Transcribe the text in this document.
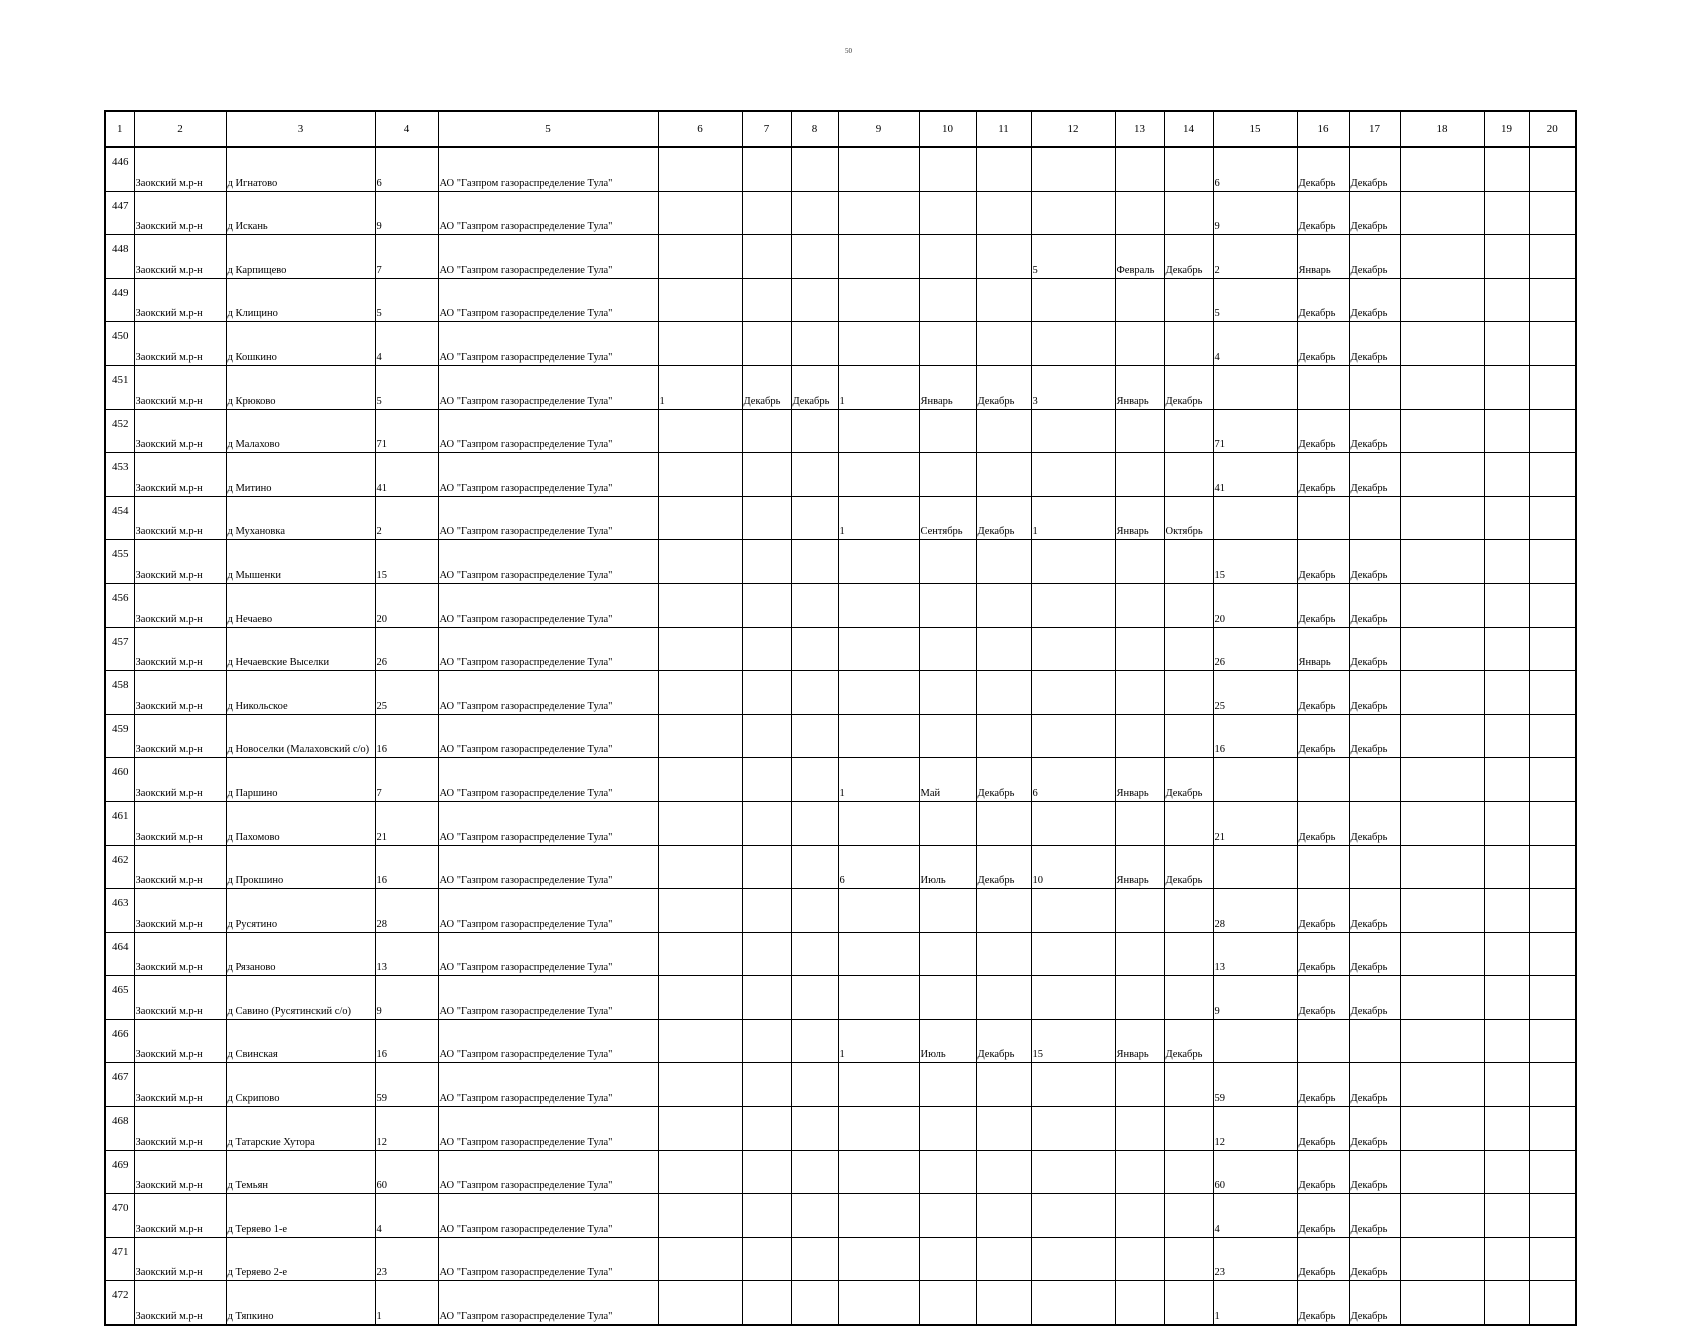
50
1	2	3	4	5	6	7	8	9	10	11	12	13	14	15	16	17	18	19	20
446	Заокский м.р-н	д Игнатово	6	АО "Газпром газораспределение Тула"										6	Декабрь	Декабрь			
447	Заокский м.р-н	д Искань	9	АО "Газпром газораспределение Тула"										9	Декабрь	Декабрь			
448	Заокский м.р-н	д Карпищево	7	АО "Газпром газораспределение Тула"							5	Февраль	Декабрь	2	Январь	Декабрь			
449	Заокский м.р-н	д Клищино	5	АО "Газпром газораспределение Тула"										5	Декабрь	Декабрь			
450	Заокский м.р-н	д Кошкино	4	АО "Газпром газораспределение Тула"										4	Декабрь	Декабрь			
451	Заокский м.р-н	д Крюково	5	АО "Газпром газораспределение Тула"	1	Декабрь	Декабрь	1	Январь	Декабрь	3	Январь	Декабрь						
452	Заокский м.р-н	д Малахово	71	АО "Газпром газораспределение Тула"										71	Декабрь	Декабрь			
453	Заокский м.р-н	д Митино	41	АО "Газпром газораспределение Тула"										41	Декабрь	Декабрь			
454	Заокский м.р-н	д Мухановка	2	АО "Газпром газораспределение Тула"				1	Сентябрь	Декабрь	1	Январь	Октябрь						
455	Заокский м.р-н	д Мышенки	15	АО "Газпром газораспределение Тула"										15	Декабрь	Декабрь			
456	Заокский м.р-н	д Нечаево	20	АО "Газпром газораспределение Тула"										20	Декабрь	Декабрь			
457	Заокский м.р-н	д Нечаевские Выселки	26	АО "Газпром газораспределение Тула"										26	Январь	Декабрь			
458	Заокский м.р-н	д Никольское	25	АО "Газпром газораспределение Тула"										25	Декабрь	Декабрь			
459	Заокский м.р-н	д Новоселки (Малаховский с/о)	16	АО "Газпром газораспределение Тула"										16	Декабрь	Декабрь			
460	Заокский м.р-н	д Паршино	7	АО "Газпром газораспределение Тула"				1	Май	Декабрь	6	Январь	Декабрь						
461	Заокский м.р-н	д Пахомово	21	АО "Газпром газораспределение Тула"										21	Декабрь	Декабрь			
462	Заокский м.р-н	д Прокшино	16	АО "Газпром газораспределение Тула"				6	Июль	Декабрь	10	Январь	Декабрь						
463	Заокский м.р-н	д Русятино	28	АО "Газпром газораспределение Тула"										28	Декабрь	Декабрь			
464	Заокский м.р-н	д Рязаново	13	АО "Газпром газораспределение Тула"										13	Декабрь	Декабрь			
465	Заокский м.р-н	д Савино (Русятинский с/о)	9	АО "Газпром газораспределение Тула"										9	Декабрь	Декабрь			
466	Заокский м.р-н	д Свинская	16	АО "Газпром газораспределение Тула"				1	Июль	Декабрь	15	Январь	Декабрь						
467	Заокский м.р-н	д Скрипово	59	АО "Газпром газораспределение Тула"										59	Декабрь	Декабрь			
468	Заокский м.р-н	д Татарские Хутора	12	АО "Газпром газораспределение Тула"										12	Декабрь	Декабрь			
469	Заокский м.р-н	д Темьян	60	АО "Газпром газораспределение Тула"										60	Декабрь	Декабрь			
470	Заокский м.р-н	д Теряево 1-е	4	АО "Газпром газораспределение Тула"										4	Декабрь	Декабрь			
471	Заокский м.р-н	д Теряево 2-е	23	АО "Газпром газораспределение Тула"										23	Декабрь	Декабрь			
472	Заокский м.р-н	д Тяпкино	1	АО "Газпром газораспределение Тула"										1	Декабрь	Декабрь			
